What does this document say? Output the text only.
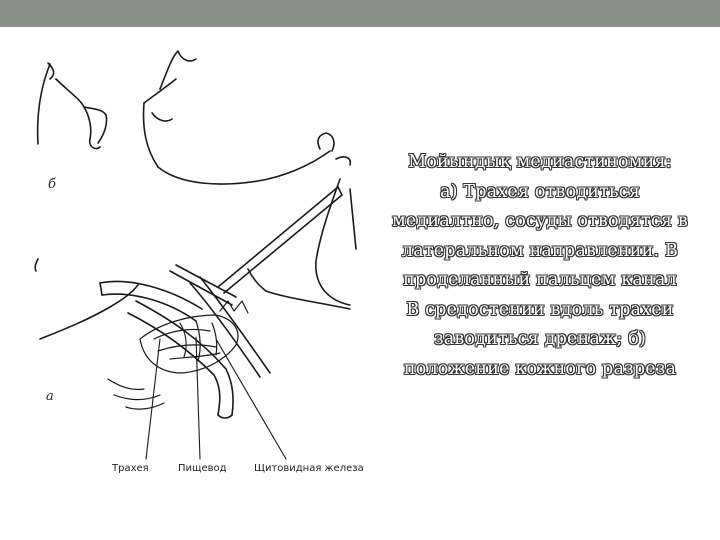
б
а
Трахея	Пищевод	Щитовидная железа
Мойындық медиастиномия:
а) Трахея отводиться
медиалтно, сосуды отводятся в
латеральном направлении. В
проделанный пальцем канал
В средостении вдоль трахеи
заводиться дренаж; б)
положение кожного разреза
